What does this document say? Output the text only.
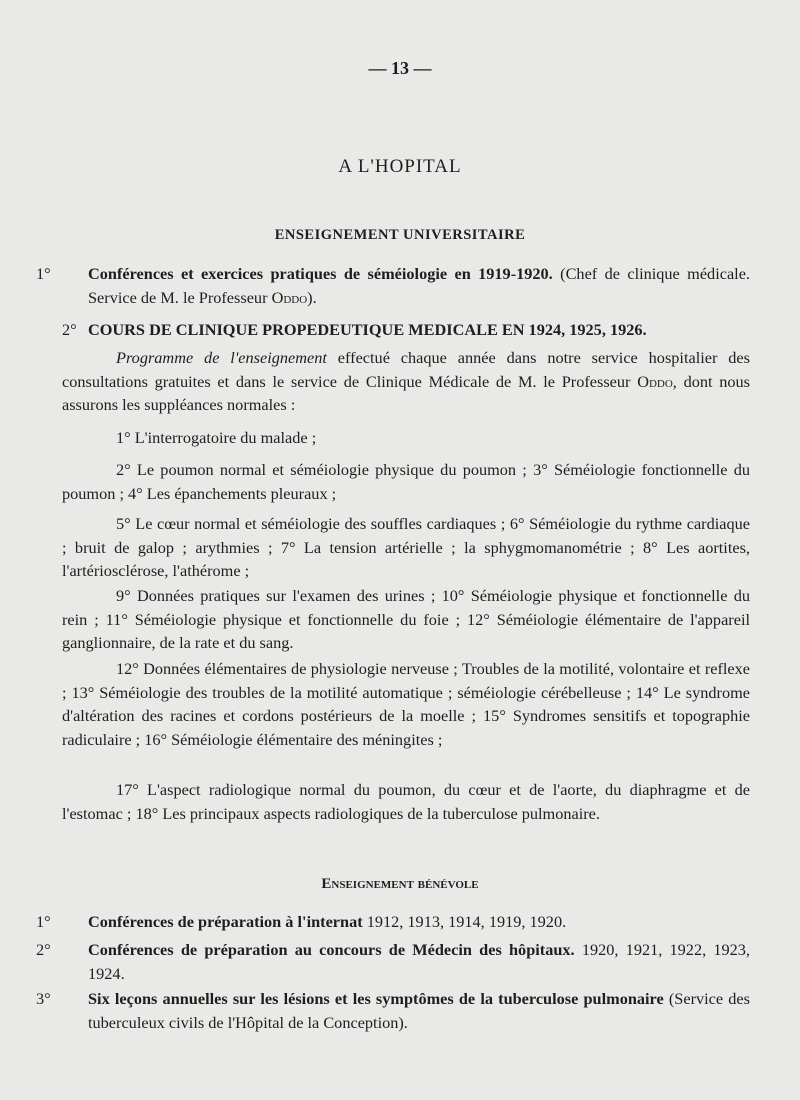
— 13 —
A L'HOPITAL
ENSEIGNEMENT UNIVERSITAIRE
1° Conférences et exercices pratiques de séméiologie en 1919-1920. (Chef de clinique médicale. Service de M. le Professeur Oddo).
2° COURS DE CLINIQUE PROPEDEUTIQUE MEDICALE EN 1924, 1925, 1926.

Programme de l'enseignement effectué chaque année dans notre service hospitalier des consultations gratuites et dans le service de Clinique Médicale de M. le Professeur Oddo, dont nous assurons les suppléances normales :

1° L'interrogatoire du malade ;

2° Le poumon normal et séméiologie physique du poumon ; 3° Séméiologie fonctionnelle du poumon ; 4° Les épanchements pleuraux ;

5° Le cœur normal et séméiologie des souffles cardiaques ; 6° Séméiologie du rythme cardiaque ; bruit de galop ; arythmies ; 7° La tension artérielle ; la sphygmomanométrie ; 8° Les aortites, l'artériosclérose, l'athérome ;

9° Données pratiques sur l'examen des urines ; 10° Séméiologie physique et fonctionnelle du rein ; 11° Séméiologie physique et fonctionnelle du foie ; 12° Séméiologie élémentaire de l'appareil ganglionnaire, de la rate et du sang.

12° Données élémentaires de physiologie nerveuse ; Troubles de la motilité, volontaire et reflexe ; 13° Séméiologie des troubles de la motilité automatique ; séméiologie cérébelleuse ; 14° Le syndrome d'altération des racines et cordons postérieurs de la moelle ; 15° Syndromes sensitifs et topographie radiculaire ; 16° Séméiologie élémentaire des méningites ;

17° L'aspect radiologique normal du poumon, du cœur et de l'aorte, du diaphragme et de l'estomac ; 18° Les principaux aspects radiologiques de la tuberculose pulmonaire.

Enseignement bénévole
1° Conférences de préparation à l'internat 1912, 1913, 1914, 1919, 1920.
2° Conférences de préparation au concours de Médecin des hôpitaux. 1920, 1921, 1922, 1923, 1924.
3° Six leçons annuelles sur les lésions et les symptômes de la tuberculose pulmonaire (Service des tuberculeux civils de l'Hôpital de la Conception).
